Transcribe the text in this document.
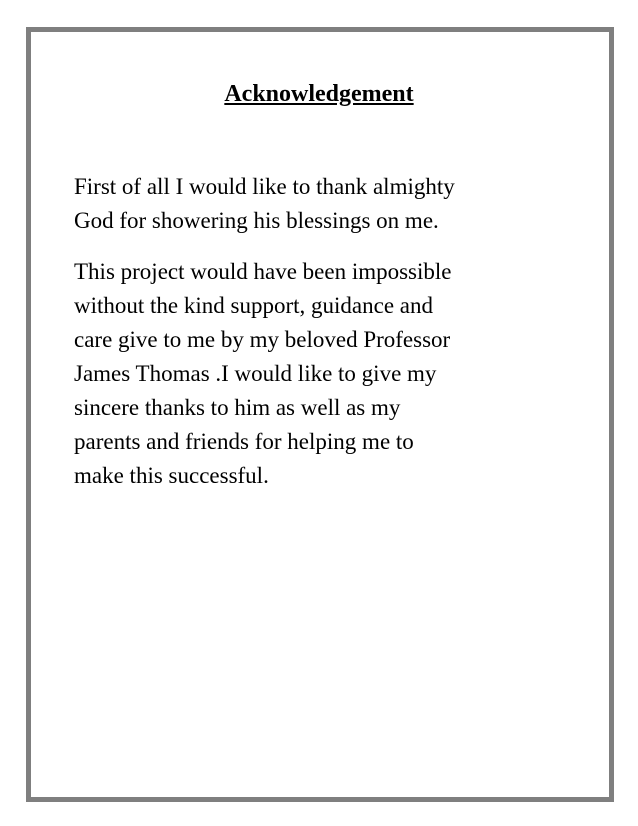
Acknowledgement

First of all I would like to thank almighty
God for showering his blessings on me.

This project would have been impossible
without the kind support, guidance and
care give to me by my beloved Professor
James Thomas .I would like to give my
sincere thanks to him as well as my
parents and friends for helping me to
make this successful.
